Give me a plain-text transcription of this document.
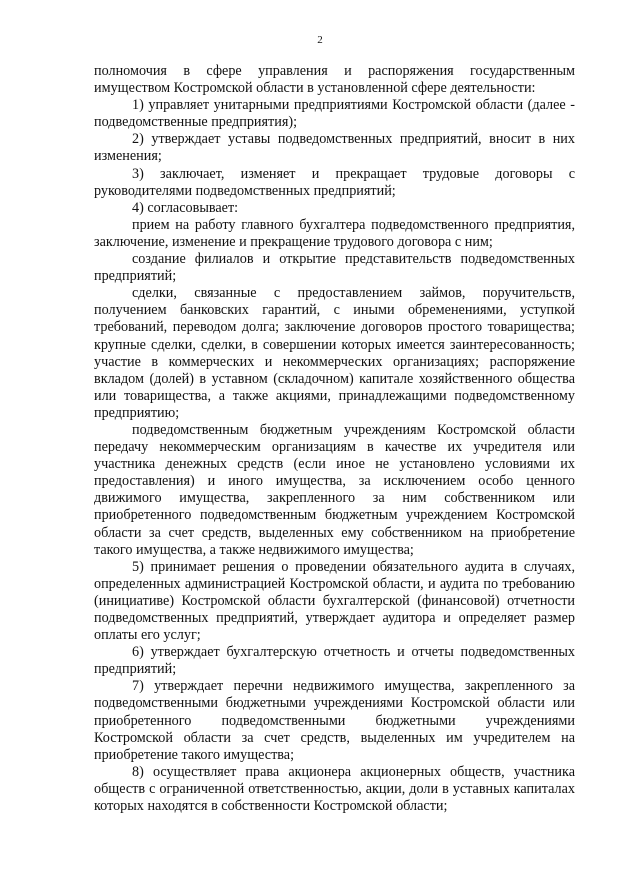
2

полномочия в сфере управления и распоряжения государственным имуществом Костромской области в установленной сфере деятельности:

1) управляет унитарными предприятиями Костромской области (далее - подведомственные предприятия);

2) утверждает уставы подведомственных предприятий, вносит в них изменения;

3) заключает, изменяет и прекращает трудовые договоры с руководителями подведомственных предприятий;

4) согласовывает:

прием на работу главного бухгалтера подведомственного предприятия, заключение, изменение и прекращение трудового договора с ним;

создание филиалов и открытие представительств подведомственных предприятий;

сделки, связанные с предоставлением займов, поручительств, получением банковских гарантий, с иными обременениями, уступкой требований, переводом долга; заключение договоров простого товарищества; крупные сделки, сделки, в совершении которых имеется заинтересованность; участие в коммерческих и некоммерческих организациях; распоряжение вкладом (долей) в уставном (складочном) капитале хозяйственного общества или товарищества, а также акциями, принадлежащими подведомственному предприятию;

подведомственным бюджетным учреждениям Костромской области передачу некоммерческим организациям в качестве их учредителя или участника денежных средств (если иное не установлено условиями их предоставления) и иного имущества, за исключением особо ценного движимого имущества, закрепленного за ним собственником или приобретенного подведомственным бюджетным учреждением Костромской области за счет средств, выделенных ему собственником на приобретение такого имущества, а также недвижимого имущества;

5) принимает решения о проведении обязательного аудита в случаях, определенных администрацией Костромской области, и аудита по требованию (инициативе) Костромской области бухгалтерской (финансовой) отчетности подведомственных предприятий, утверждает аудитора и определяет размер оплаты его услуг;

6) утверждает бухгалтерскую отчетность и отчеты подведомственных предприятий;

7) утверждает перечни недвижимого имущества, закрепленного за подведомственными бюджетными учреждениями Костромской области или приобретенного подведомственными бюджетными учреждениями Костромской области за счет средств, выделенных им учредителем на приобретение такого имущества;

8) осуществляет права акционера акционерных обществ, участника обществ с ограниченной ответственностью, акции, доли в уставных капиталах которых находятся в собственности Костромской области;
